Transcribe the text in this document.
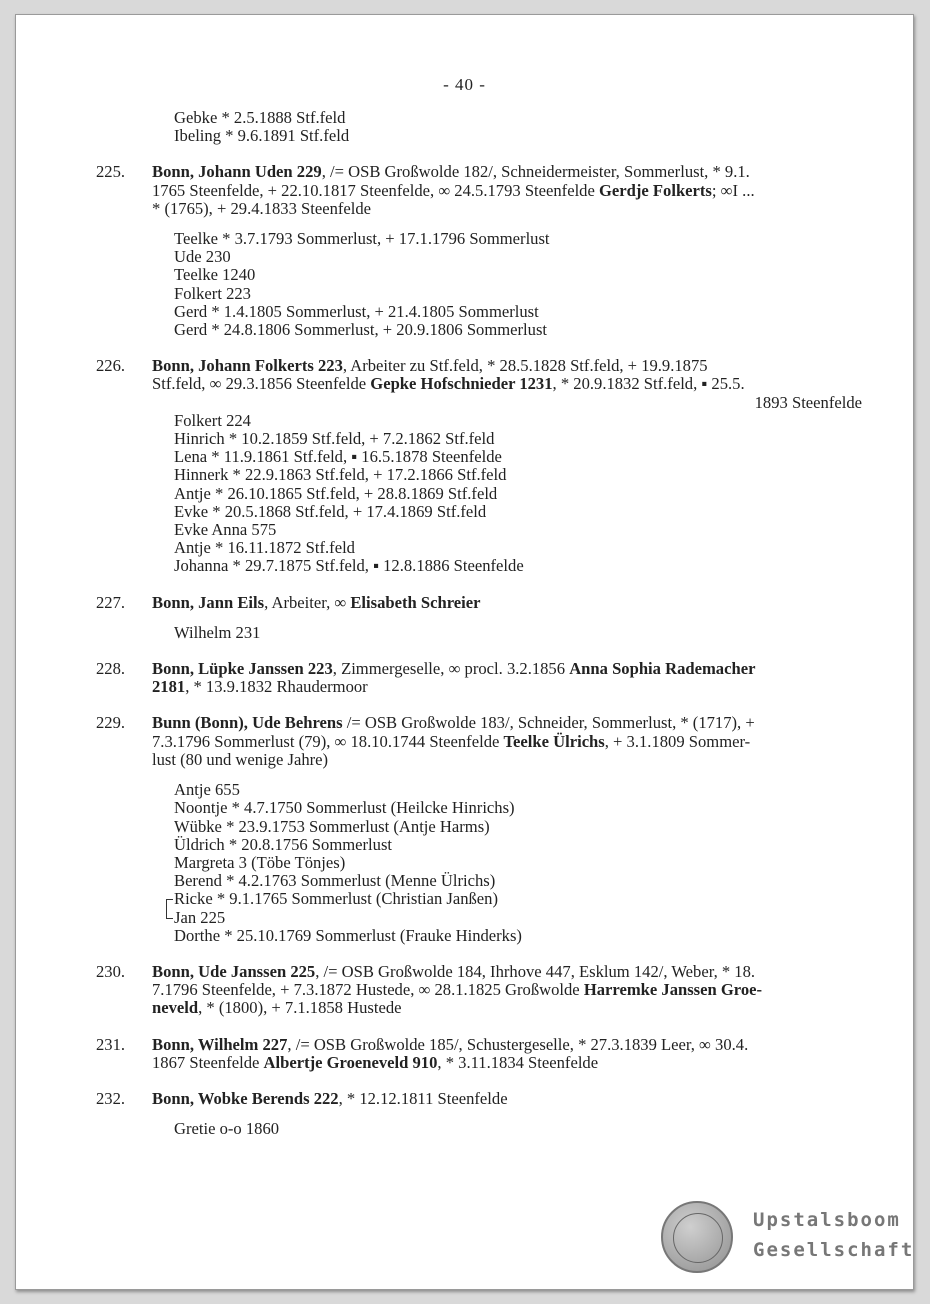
- 40 -
Gebke * 2.5.1888 Stf.feld
Ibeling * 9.6.1891 Stf.feld
225. Bonn, Johann Uden 229, /= OSB Großwolde 182/, Schneidermeister, Sommerlust, * 9.1.
1765 Steenfelde, + 22.10.1817 Steenfelde, ∞ 24.5.1793 Steenfelde Gerdje Folkerts; ∞I ...
* (1765), + 29.4.1833 Steenfelde
Teelke * 3.7.1793 Sommerlust, + 17.1.1796 Sommerlust
Ude 230
Teelke 1240
Folkert 223
Gerd * 1.4.1805 Sommerlust, + 21.4.1805 Sommerlust
Gerd * 24.8.1806 Sommerlust, + 20.9.1806 Sommerlust
226. Bonn, Johann Folkerts 223, Arbeiter zu Stf.feld, * 28.5.1828 Stf.feld, + 19.9.1875
Stf.feld, ∞ 29.3.1856 Steenfelde Gepke Hofschnieder 1231, * 20.9.1832 Stf.feld, ▪ 25.5.
1893 Steenfelde
Folkert 224
Hinrich * 10.2.1859 Stf.feld, + 7.2.1862 Stf.feld
Lena * 11.9.1861 Stf.feld, ▪ 16.5.1878 Steenfelde
Hinnerk * 22.9.1863 Stf.feld, + 17.2.1866 Stf.feld
Antje * 26.10.1865 Stf.feld, + 28.8.1869 Stf.feld
Evke * 20.5.1868 Stf.feld, + 17.4.1869 Stf.feld
Evke Anna 575
Antje * 16.11.1872 Stf.feld
Johanna * 29.7.1875 Stf.feld, ▪ 12.8.1886 Steenfelde
227. Bonn, Jann Eils, Arbeiter, ∞ Elisabeth Schreier
Wilhelm 231
228. Bonn, Lüpke Janssen 223, Zimmergeselle, ∞ procl. 3.2.1856 Anna Sophia Rademacher
2181, * 13.9.1832 Rhaudermoor
229. Bunn (Bonn), Ude Behrens /= OSB Großwolde 183/, Schneider, Sommerlust, * (1717), +
7.3.1796 Sommerlust (79), ∞ 18.10.1744 Steenfelde Teelke Ülrichs, + 3.1.1809 Sommer-
lust (80 und wenige Jahre)
Antje 655
Noontje * 4.7.1750 Sommerlust (Heilcke Hinrichs)
Wübke * 23.9.1753 Sommerlust (Antje Harms)
Üldrich * 20.8.1756 Sommerlust
Margreta 3 (Töbe Tönjes)
Berend * 4.2.1763 Sommerlust (Menne Ülrichs)
Ricke * 9.1.1765 Sommerlust (Christian Janßen)
Jan 225
Dorthe * 25.10.1769 Sommerlust (Frauke Hinderks)
230. Bonn, Ude Janssen 225, /= OSB Großwolde 184, Ihrhove 447, Esklum 142/, Weber, * 18.
7.1796 Steenfelde, + 7.3.1872 Hustede, ∞ 28.1.1825 Großwolde Harremke Janssen Groe-
neveld, * (1800), + 7.1.1858 Hustede
231. Bonn, Wilhelm 227, /= OSB Großwolde 185/, Schustergeselle, * 27.3.1839 Leer, ∞ 30.4.
1867 Steenfelde Albertje Groeneveld 910, * 3.11.1834 Steenfelde
232. Bonn, Wobke Berends 222, * 12.12.1811 Steenfelde
Gretie o-o 1860
Upstalsboom
Gesellschaft
